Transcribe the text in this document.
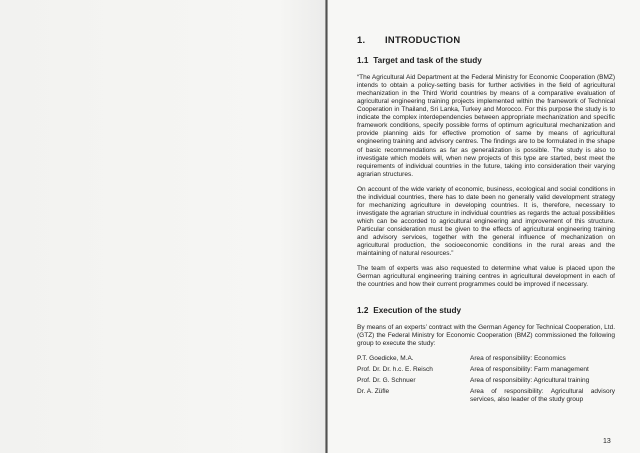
1. INTRODUCTION
1.1 Target and task of the study

“The Agricultural Aid Department at the Federal Ministry for Economic Cooperation (BMZ) intends to obtain a policy-setting basis for further activities in the field of agricultural mechanization in the Third World countries by means of a comparative evaluation of agricultural engineering training projects implemented within the framework of Technical Cooperation in Thailand, Sri Lanka, Turkey and Morocco. For this purpose the study is to indicate the complex interdependencies between appropriate mechanization and specific framework conditions, specify possible forms of optimum agricultural mechanization and provide planning aids for effective promotion of same by means of agricultural engineering training and advisory centres. The findings are to be formulated in the shape of basic recommendations as far as generalization is possible. The study is also to investigate which models will, when new projects of this type are started, best meet the requirements of individual countries in the future, taking into consideration their varying agrarian structures.

On account of the wide variety of economic, business, ecological and social conditions in the individual countries, there has to date been no generally valid development strategy for mechanizing agriculture in developing countries. It is, therefore, necessary to investigate the agrarian structure in individual countries as regards the actual possibilities which can be accorded to agricultural engineering and improvement of this structure. Particular consideration must be given to the effects of agricultural engineering training and advisory services, together with the general influence of mechanization on agricultural production, the socioeconomic conditions in the rural areas and the maintaining of natural resources.”

The team of experts was also requested to determine what value is placed upon the German agricultural engineering training centres in agricultural development in each of the countries and how their current programmes could be improved if necessary.

1.2 Execution of the study

By means of an experts’ contract with the German Agency for Technical Cooperation, Ltd. (GTZ) the Federal Ministry for Economic Cooperation (BMZ) commissioned the following group to execute the study:

P.T. Goedicke, M.A.	Area of responsibility: Economics
Prof. Dr. Dr. h.c. E. Reisch	Area of responsibility: Farm management
Prof. Dr. G. Schnuer	Area of responsibility: Agricultural training
Dr. A. Züfle	Area of responsibility: Agricultural advisory services, also leader of the study group
13
